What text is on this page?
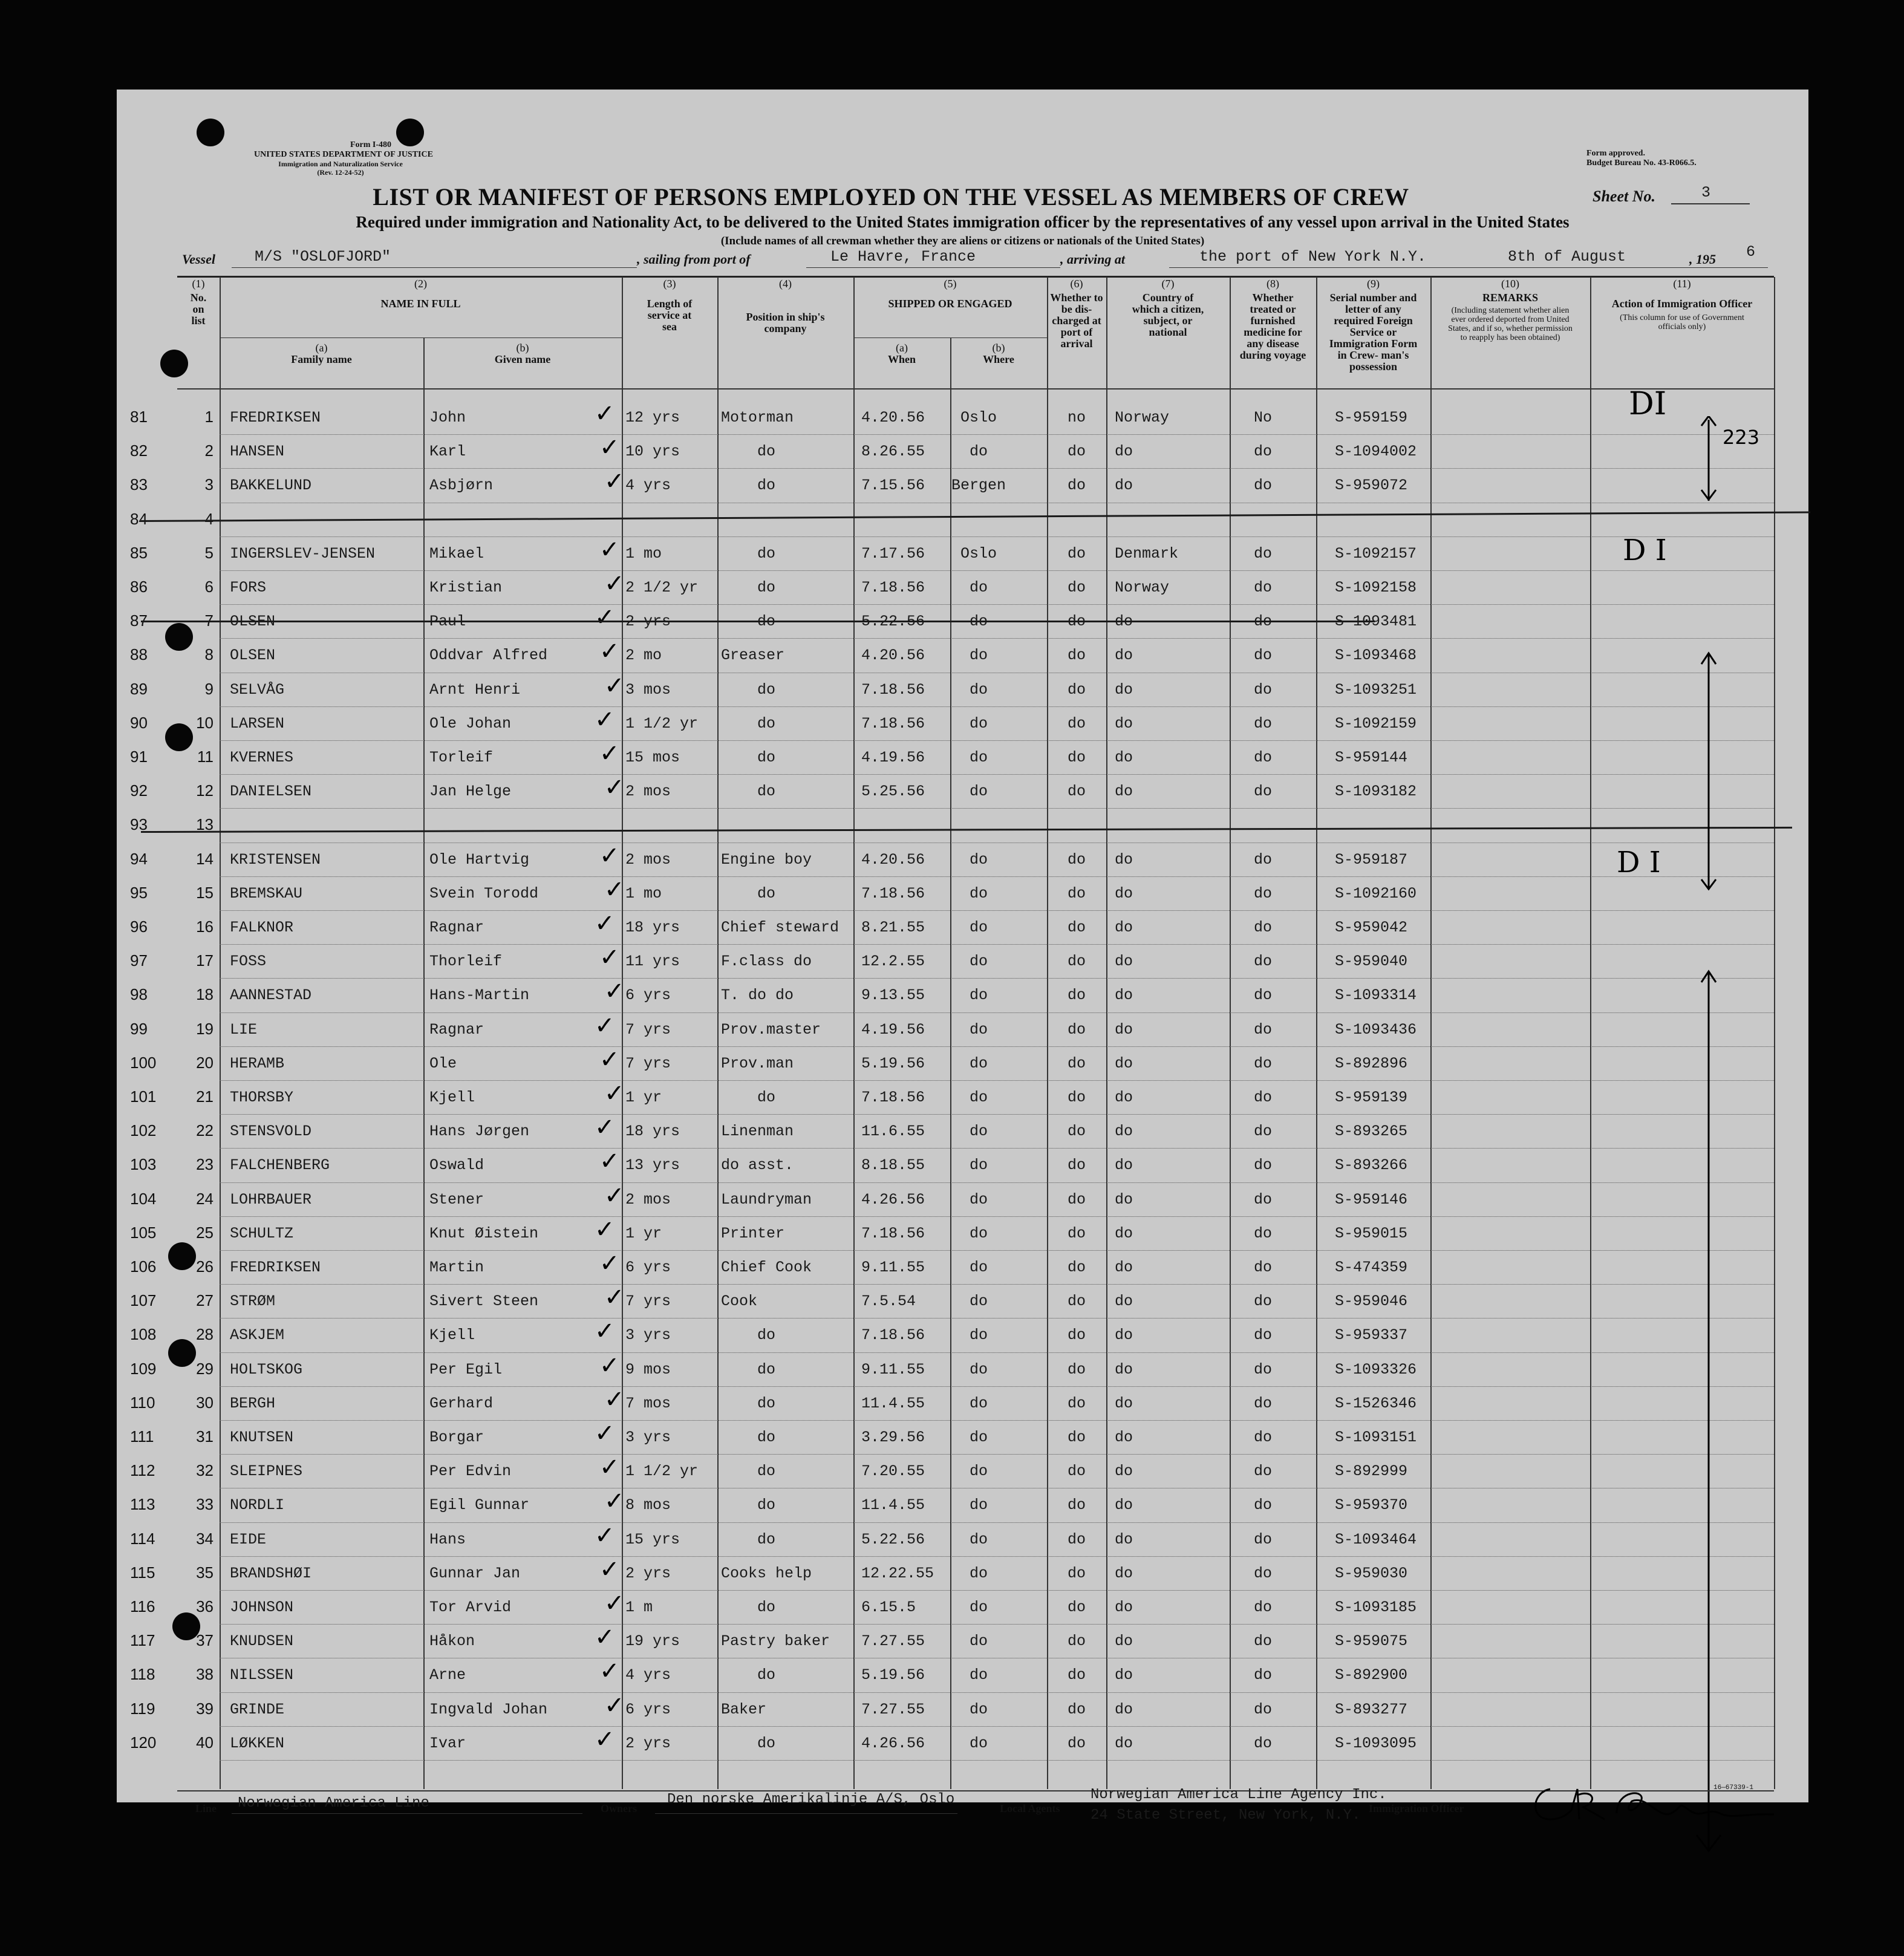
Form I-480
UNITED STATES DEPARTMENT OF JUSTICE
Immigration and Naturalization Service
(Rev. 12-24-52)
Form approved.
Budget Bureau No. 43-R066.5.
LIST OR MANIFEST OF PERSONS EMPLOYED ON THE VESSEL AS MEMBERS OF CREW	Sheet No.	3
Required under immigration and Nationality Act, to be delivered to the United States immigration officer by the representatives of any vessel upon arrival in the United States
(Include names of all crewman whether they are aliens or citizens or nationals of the United States)
Vessel	M/S "OSLOFJORD"	, sailing from port of	Le Havre, France	, arriving at	the port of New York N.Y.	8th of August	, 195 6
(1)
No. on list
(2)
NAME IN FULL
(a)
Family name
(b)
Given name
(3)
Length of service at sea
(4)
Position in ship's company
(5)
SHIPPED OR ENGAGED
(a)
When
(b)
Where
(6)
Whether to be dis- charged at port of arrival
(7)
Country of which a citizen, subject, or national
(8)
Whether treated or furnished medicine for any disease during voyage
(9)
Serial number and letter of any required Foreign Service or Immigration Form in Crew- man's possession
(10)
REMARKS
(Including statement whether alien ever ordered deported from United States, and if so, whether permission to reapply has been obtained)
(11)
Action of Immigration Officer
(This column for use of Government officials only)
81	1 FREDRIKSEN	John	12 yrs	Motorman	4.20.56	Oslo	no	Norway	No	S-959159
✓
82	2 HANSEN	Karl	10 yrs	do	8.26.55	do	do	do	do	S-1094002
✓
83	3 BAKKELUND	Asbjørn	4 yrs	do	7.15.56	Bergen	do	do	do	S-959072
✓
84	4
85	5 INGERSLEV-JENSEN	Mikael	1 mo	do	7.17.56	Oslo	do	Denmark	do	S-1092157
✓
86	6 FORS	Kristian	2 1/2 yr	do	7.18.56	do	do	Norway	do	S-1092158
✓
87	7 OLSEN	Paul	2 yrs	do	5.22.56	do	do	do	do	S-1093481
✓
88	8 OLSEN	Oddvar Alfred	2 mo	Greaser	4.20.56	do	do	do	do	S-1093468
✓
89	9 SELVÅG	Arnt Henri	3 mos	do	7.18.56	do	do	do	do	S-1093251
✓
90	10 LARSEN	Ole Johan	1 1/2 yr	do	7.18.56	do	do	do	do	S-1092159
✓
91	11 KVERNES	Torleif	15 mos	do	4.19.56	do	do	do	do	S-959144
✓
92	12 DANIELSEN	Jan Helge	2 mos	do	5.25.56	do	do	do	do	S-1093182
✓
93	13
94	14 KRISTENSEN	Ole Hartvig	2 mos	Engine boy	4.20.56	do	do	do	do	S-959187
✓
95	15 BREMSKAU	Svein Torodd	1 mo	do	7.18.56	do	do	do	do	S-1092160
✓
96	16 FALKNOR	Ragnar	18 yrs	Chief steward 8.21.55	do	do	do	do	S-959042
✓
97	17 FOSS	Thorleif	11 yrs	F.class do	12.2.55	do	do	do	do	S-959040
✓
98	18 AANNESTAD	Hans-Martin	6 yrs	T. do do	9.13.55	do	do	do	do	S-1093314
✓
99	19 LIE	Ragnar	7 yrs	Prov.master	4.19.56	do	do	do	do	S-1093436
✓
100	20 HERAMB	Ole	7 yrs	Prov.man	5.19.56	do	do	do	do	S-892896
✓
101	21 THORSBY	Kjell	1 yr	do	7.18.56	do	do	do	do	S-959139
✓
102	22 STENSVOLD	Hans Jørgen	18 yrs	Linenman	11.6.55	do	do	do	do	S-893265
✓
103	23 FALCHENBERG	Oswald	13 yrs	do asst.	8.18.55	do	do	do	do	S-893266
✓
104	24 LOHRBAUER	Stener	2 mos	Laundryman	4.26.56	do	do	do	do	S-959146
✓
105	25 SCHULTZ	Knut Øistein	1 yr	Printer	7.18.56	do	do	do	do	S-959015
✓
106	26 FREDRIKSEN	Martin	6 yrs	Chief Cook	9.11.55	do	do	do	do	S-474359
✓
107	27 STRØM	Sivert Steen	7 yrs	Cook	7.5.54	do	do	do	do	S-959046
✓
108	28 ASKJEM	Kjell	3 yrs	do	7.18.56	do	do	do	do	S-959337
✓
109	29 HOLTSKOG	Per Egil	9 mos	do	9.11.55	do	do	do	do	S-1093326
✓
110	30 BERGH	Gerhard	7 mos	do	11.4.55	do	do	do	do	S-1526346
✓
111	31 KNUTSEN	Borgar	3 yrs	do	3.29.56	do	do	do	do	S-1093151
✓
112	32 SLEIPNES	Per Edvin	1 1/2 yr	do	7.20.55	do	do	do	do	S-892999
✓
113	33 NORDLI	Egil Gunnar	8 mos	do	11.4.55	do	do	do	do	S-959370
✓
114	34 EIDE	Hans	15 yrs	do	5.22.56	do	do	do	do	S-1093464
✓
115	35 BRANDSHØI	Gunnar Jan	2 yrs	Cooks help	12.22.55	do	do	do	do	S-959030
✓
116	36 JOHNSON	Tor Arvid	1 m	do	6.15.5	do	do	do	do	S-1093185
✓
117	37 KNUDSEN	Håkon	19 yrs	Pastry baker 7.27.55	do	do	do	do	S-959075
✓
118	38 NILSSEN	Arne	4 yrs	do	5.19.56	do	do	do	do	S-892900
✓
119	39 GRINDE	Ingvald Johan	6 yrs	Baker	7.27.55	do	do	do	do	S-893277
✓
120	40 LØKKEN	Ivar	2 yrs	do	4.26.56	do	do	do	do	S-1093095
✓
DI
223
D I
D I
Line Norwegian America Line	Owners
Den norske Amerikalinje A/S, Oslo
Local Agents
Norwegian America Line Agency Inc.
24 State Street, New York, N.Y. Immigration Officer
16—67339-1
